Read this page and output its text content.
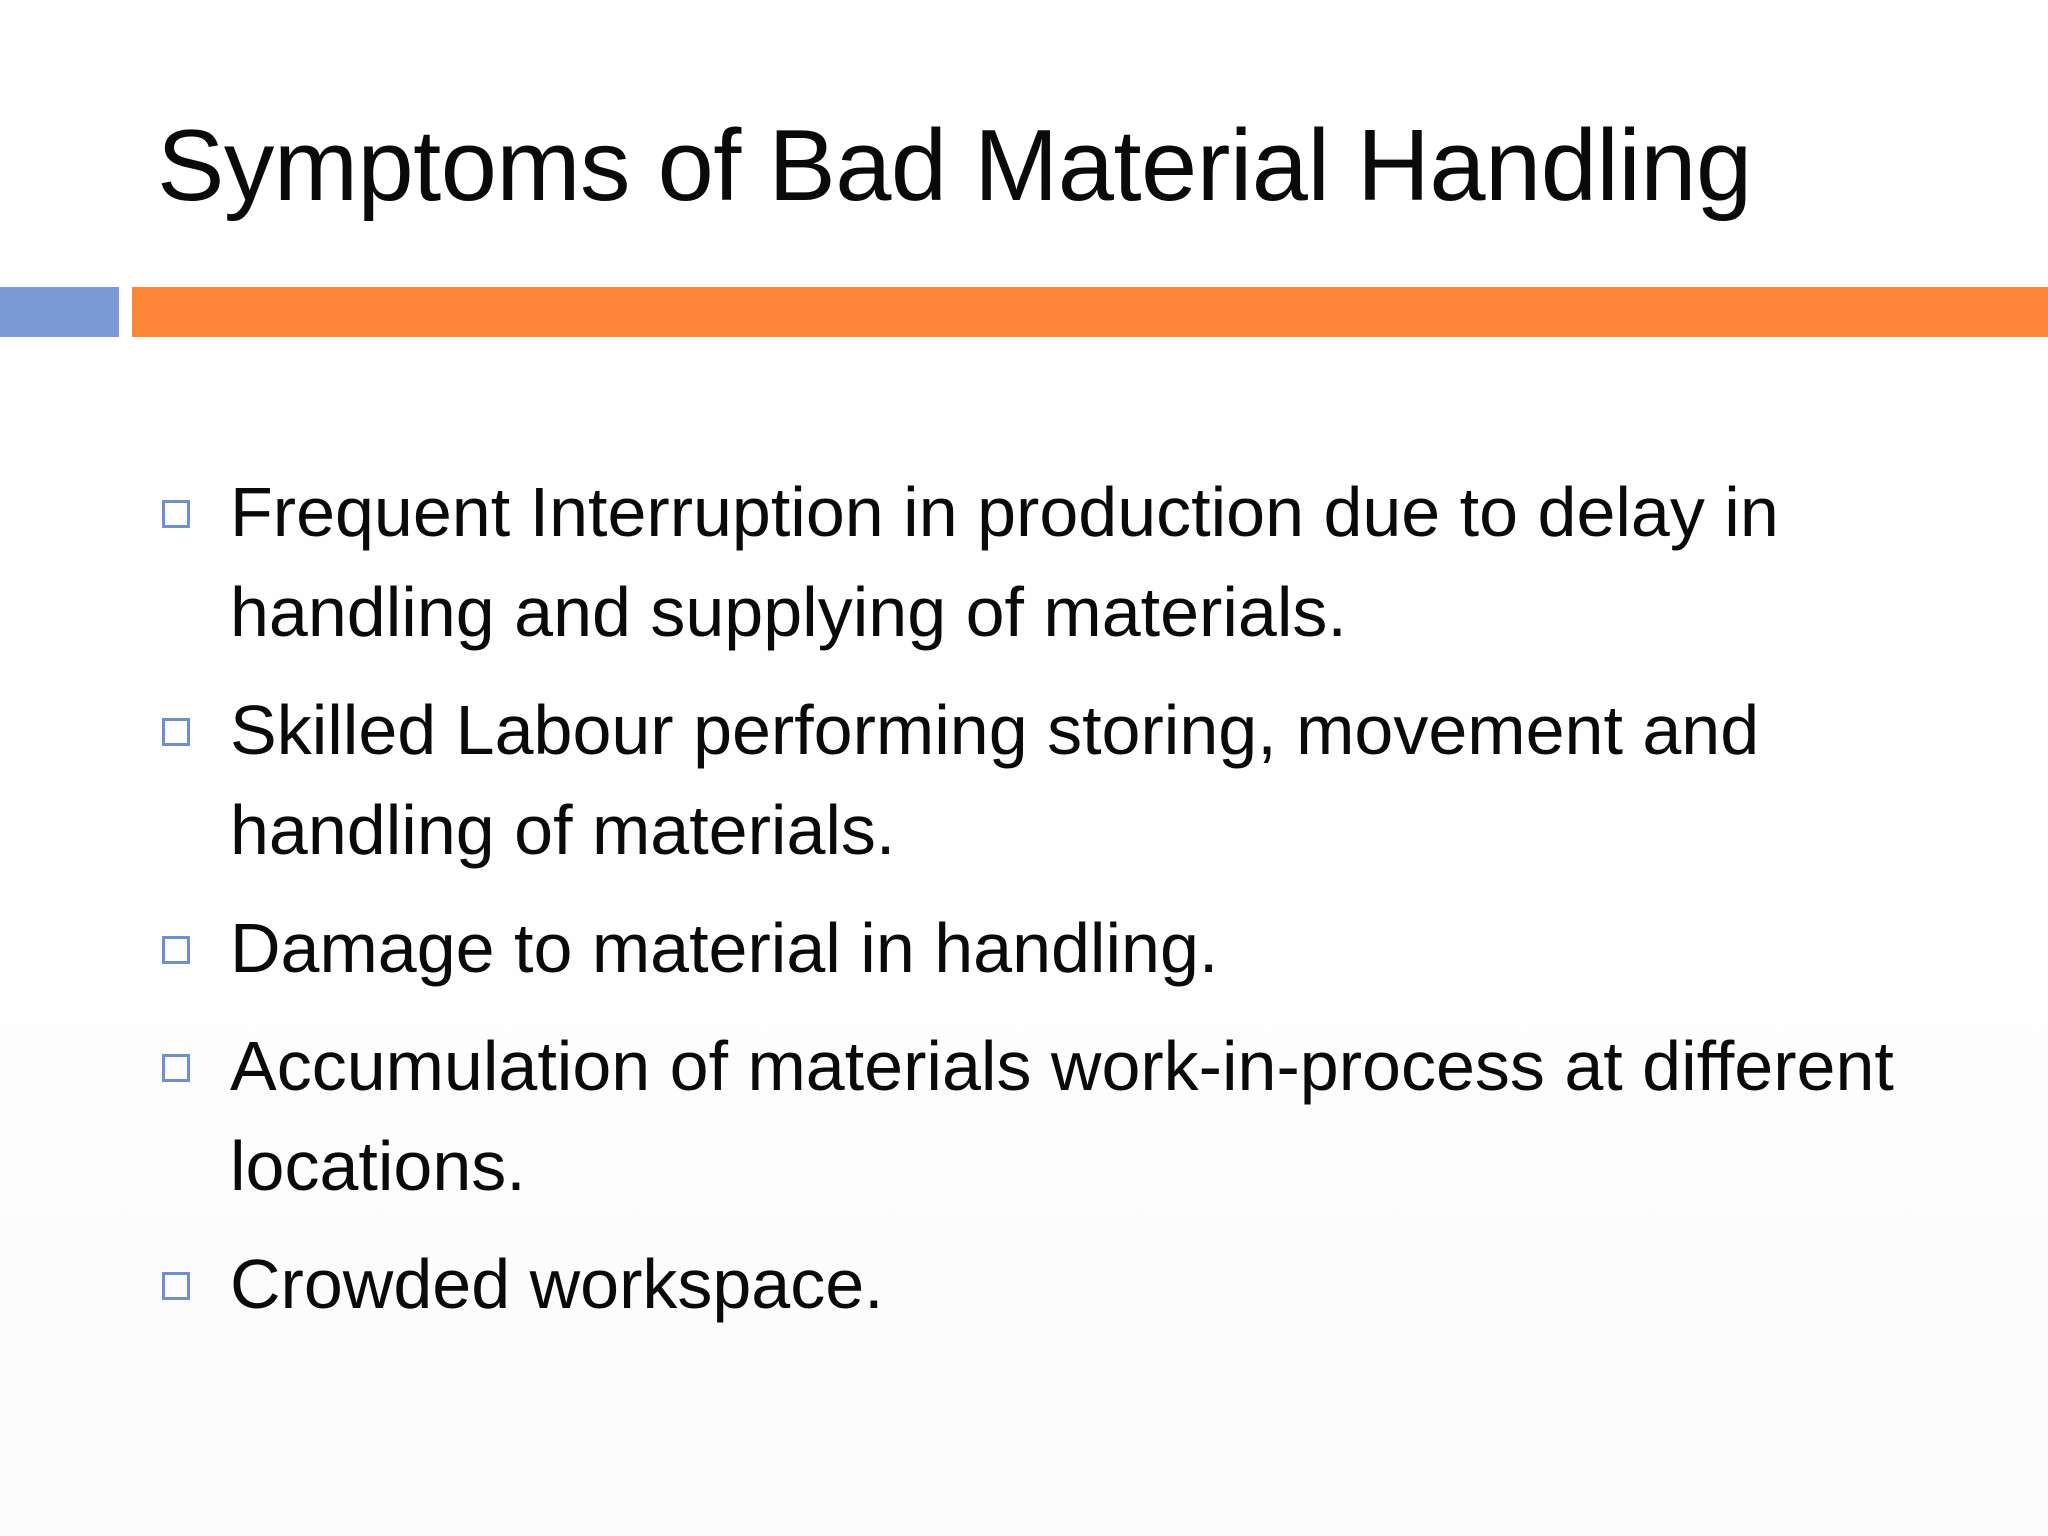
Symptoms of Bad Material Handling
Frequent Interruption in production due to delay in handling and supplying of materials.
Skilled Labour performing storing, movement and handling of materials.
Damage to material in handling.
Accumulation of materials work-in-process at different locations.
Crowded workspace.
